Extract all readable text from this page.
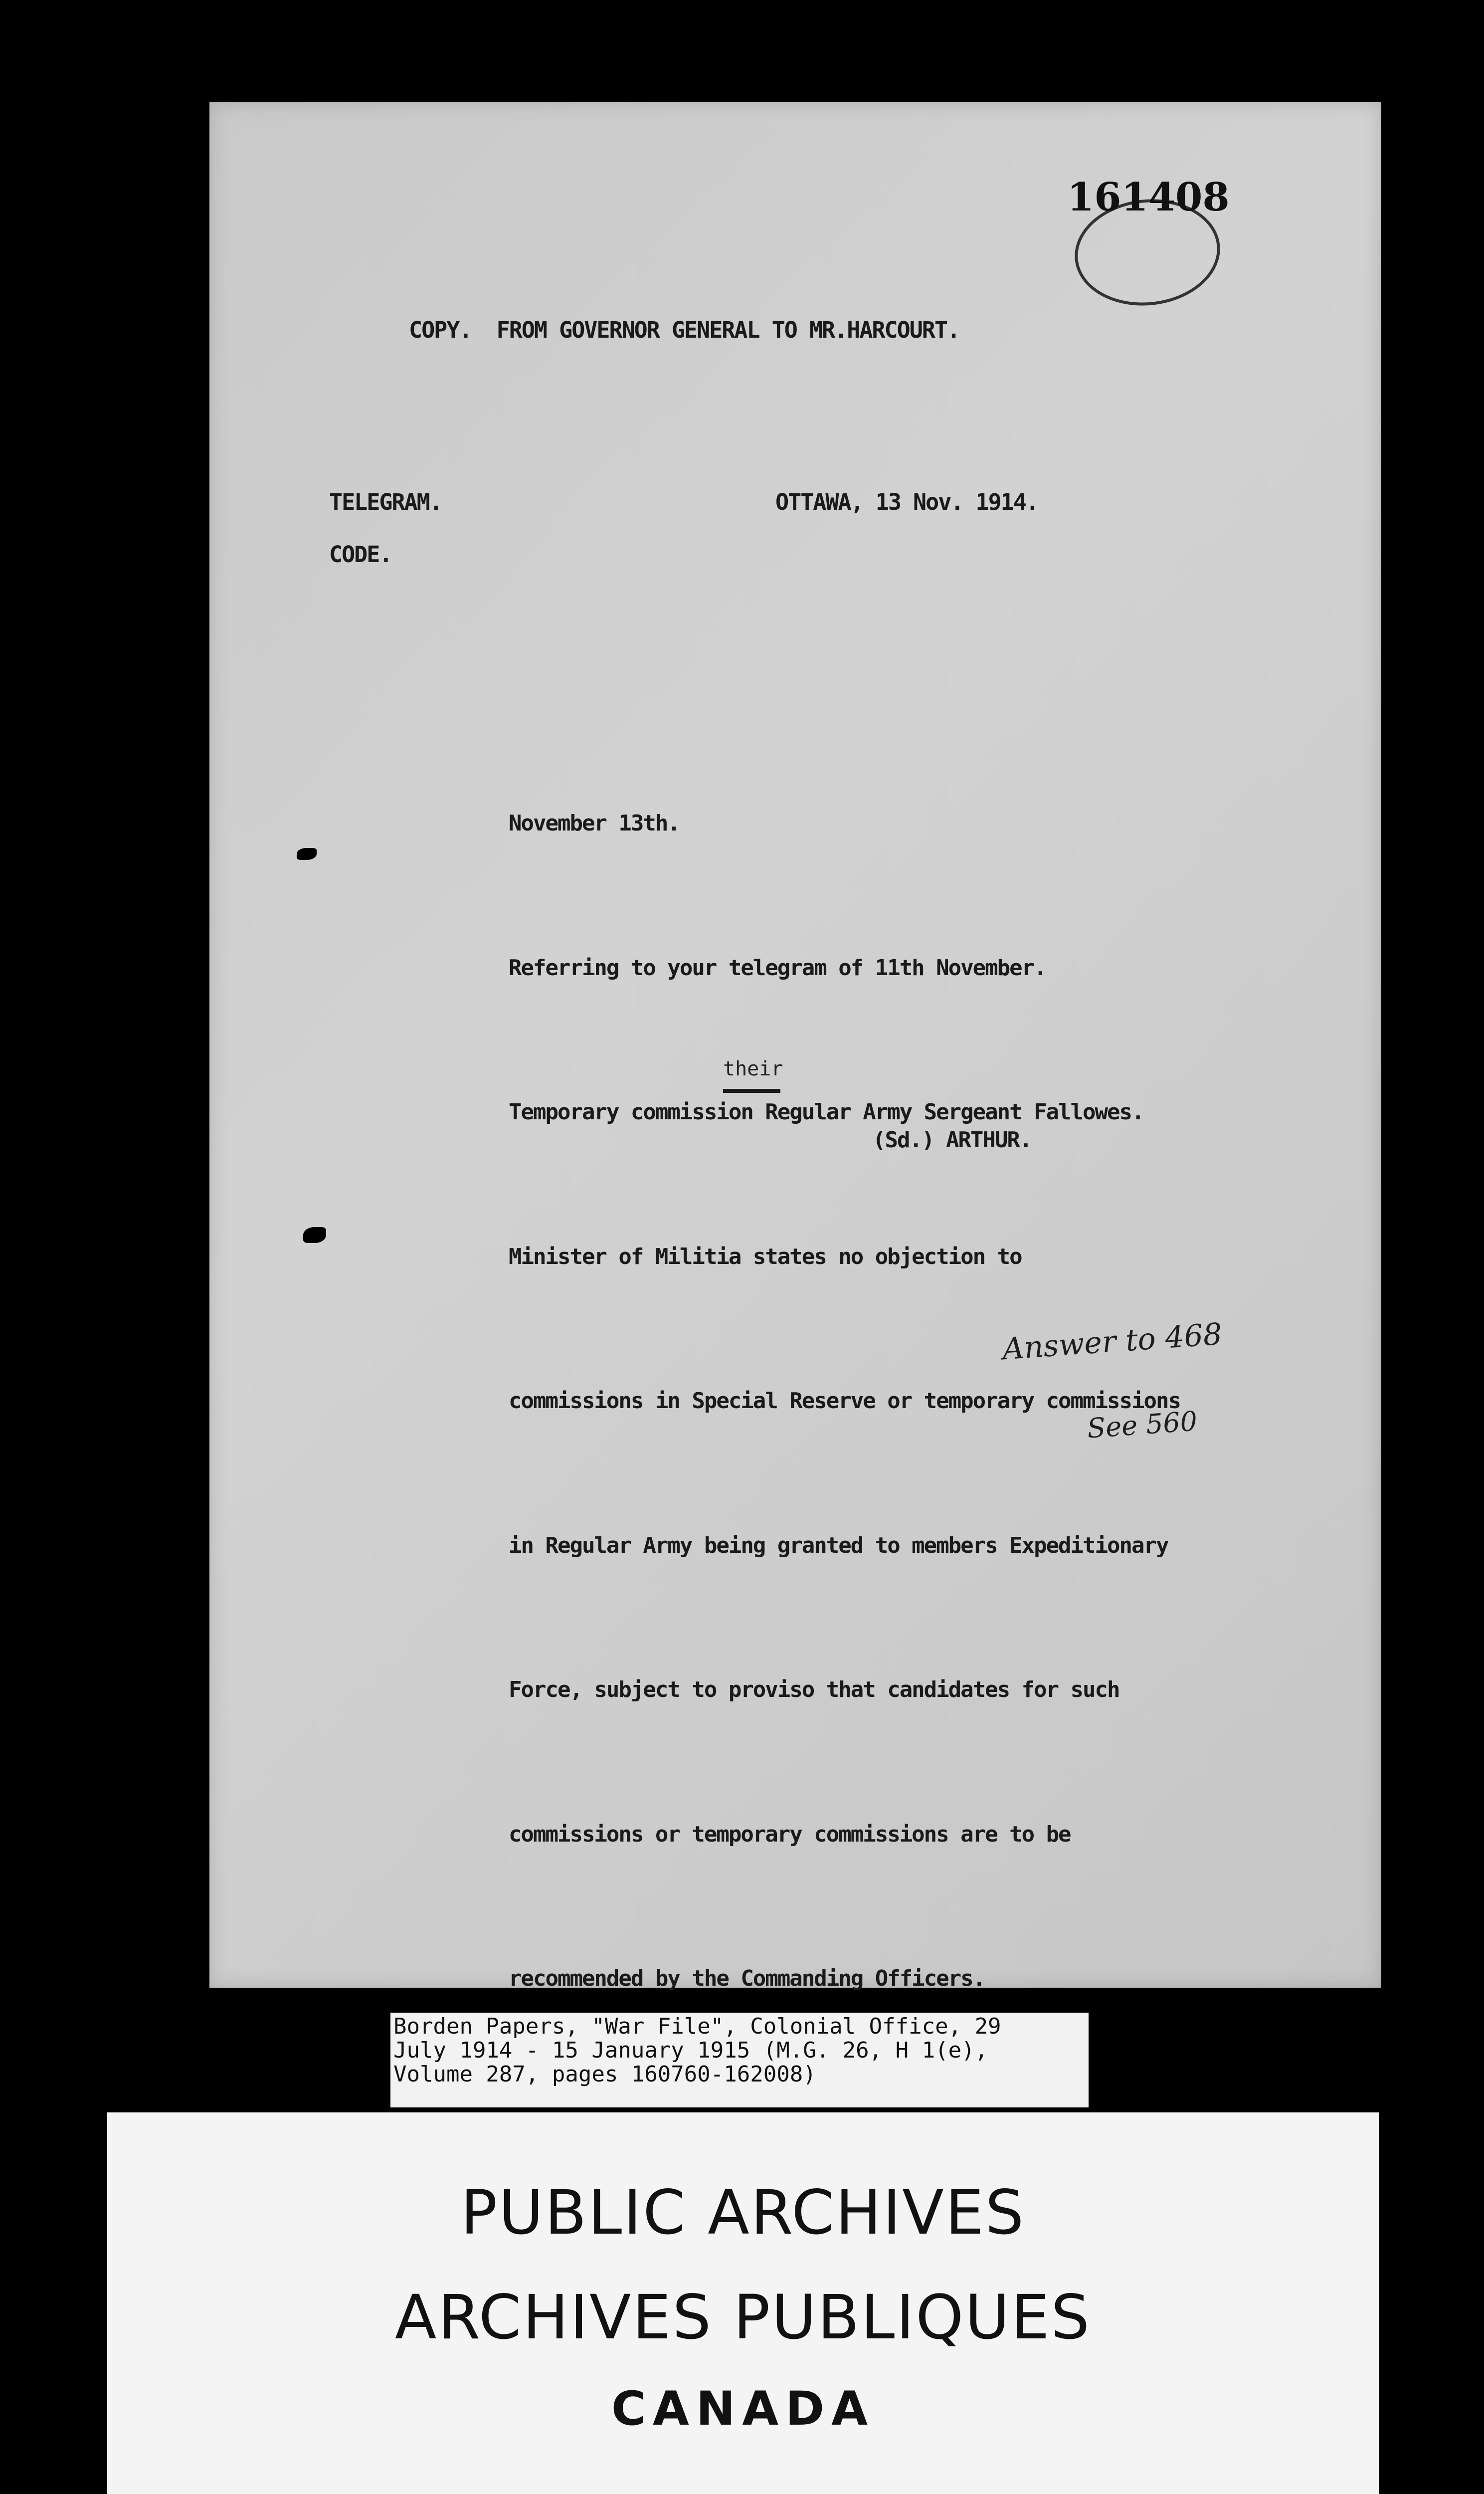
161408
COPY.  FROM GOVERNOR GENERAL TO MR.HARCOURT.
TELEGRAM.
CODE.
OTTAWA, 13 Nov. 1914.

November 13th.

Referring to your telegram of 11th November.

Temporary commission Regular Army Sergeant Fallowes.

Minister of Militia states no objection to

commissions in Special Reserve or temporary commissions

in Regular Army being granted to members Expeditionary

Force, subject to proviso that candidates for such

commissions or temporary commissions are to be

recommended by the Commanding Officers.

their
(Sd.) ARTHUR.
Answer to 468
See 560
Borden Papers, "War File", Colonial Office, 29
July 1914 - 15 January 1915 (M.G. 26, H 1(e),
Volume 287, pages 160760-162008)
PUBLIC ARCHIVES
ARCHIVES PUBLIQUES
CANADA
